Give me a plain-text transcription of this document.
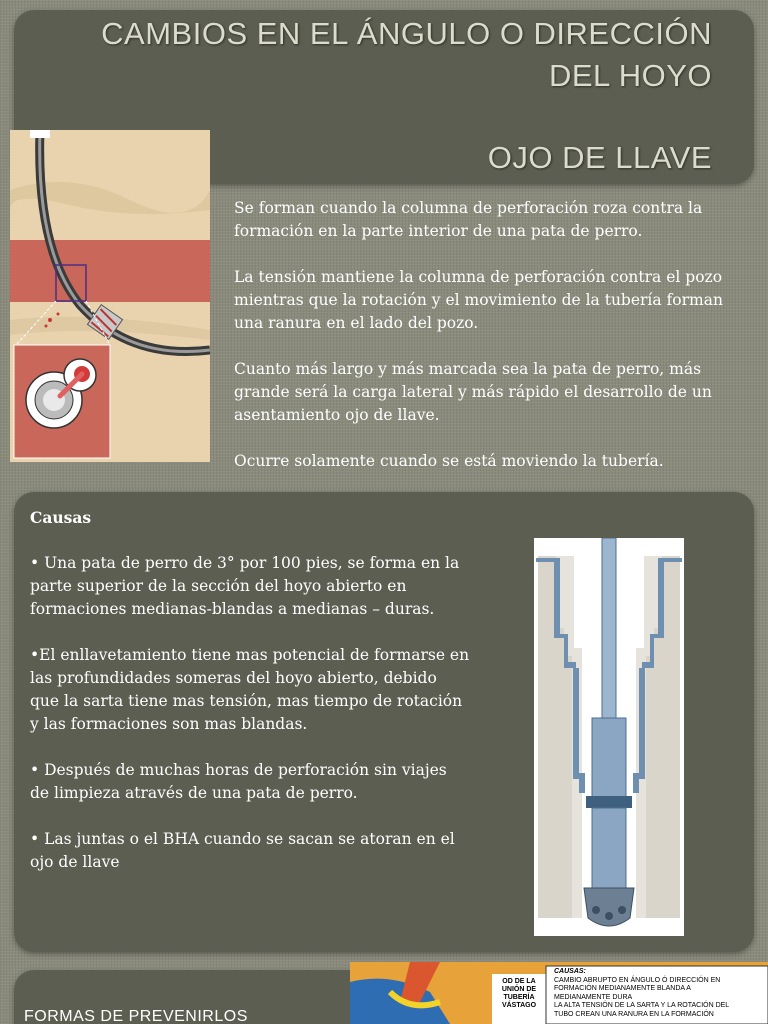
CAMBIOS EN EL ÁNGULO O DIRECCIÓN
DEL HOYO
OJO DE LLAVE

Se forman cuando la columna de perforación roza contra la formación en la parte interior de una pata de perro.

La tensión mantiene la columna de perforación contra el pozo mientras que la rotación y el movimiento de la tubería forman una ranura en el lado del pozo.

Cuanto más largo y más marcada sea la pata de perro, más grande será la carga lateral y más rápido el desarrollo de un asentamiento ojo de llave.

Ocurre solamente cuando se está moviendo la tubería.

Causas

• Una pata de perro de 3° por 100 pies, se forma en la parte superior de la sección del hoyo abierto en formaciones medianas-blandas a medianas – duras.

•El enllavetamiento tiene mas potencial de formarse en las profundidades someras del hoyo abierto, debido que la sarta tiene mas tensión, mas tiempo de rotación y las formaciones son mas blandas.

• Después de muchas horas de perforación sin viajes de limpieza através de una pata de perro.

• Las juntas o el BHA cuando se sacan se atoran en el ojo de llave

FORMAS DE PREVENIRLOS
OD DE LA
UNIÓN DE
TUBERÍA
VÁSTAGO
CAUSAS:
CAMBIO ABRUPTO EN ÁNGULO Ó DIRECCIÓN EN
FORMACIÓN MEDIANAMENTE BLANDA A
MEDIANAMENTE DURA
LA ALTA TENSIÓN DE LA SARTA Y LA ROTACIÓN DEL
TUBO CREAN UNA RANURA EN LA FORMACIÓN
